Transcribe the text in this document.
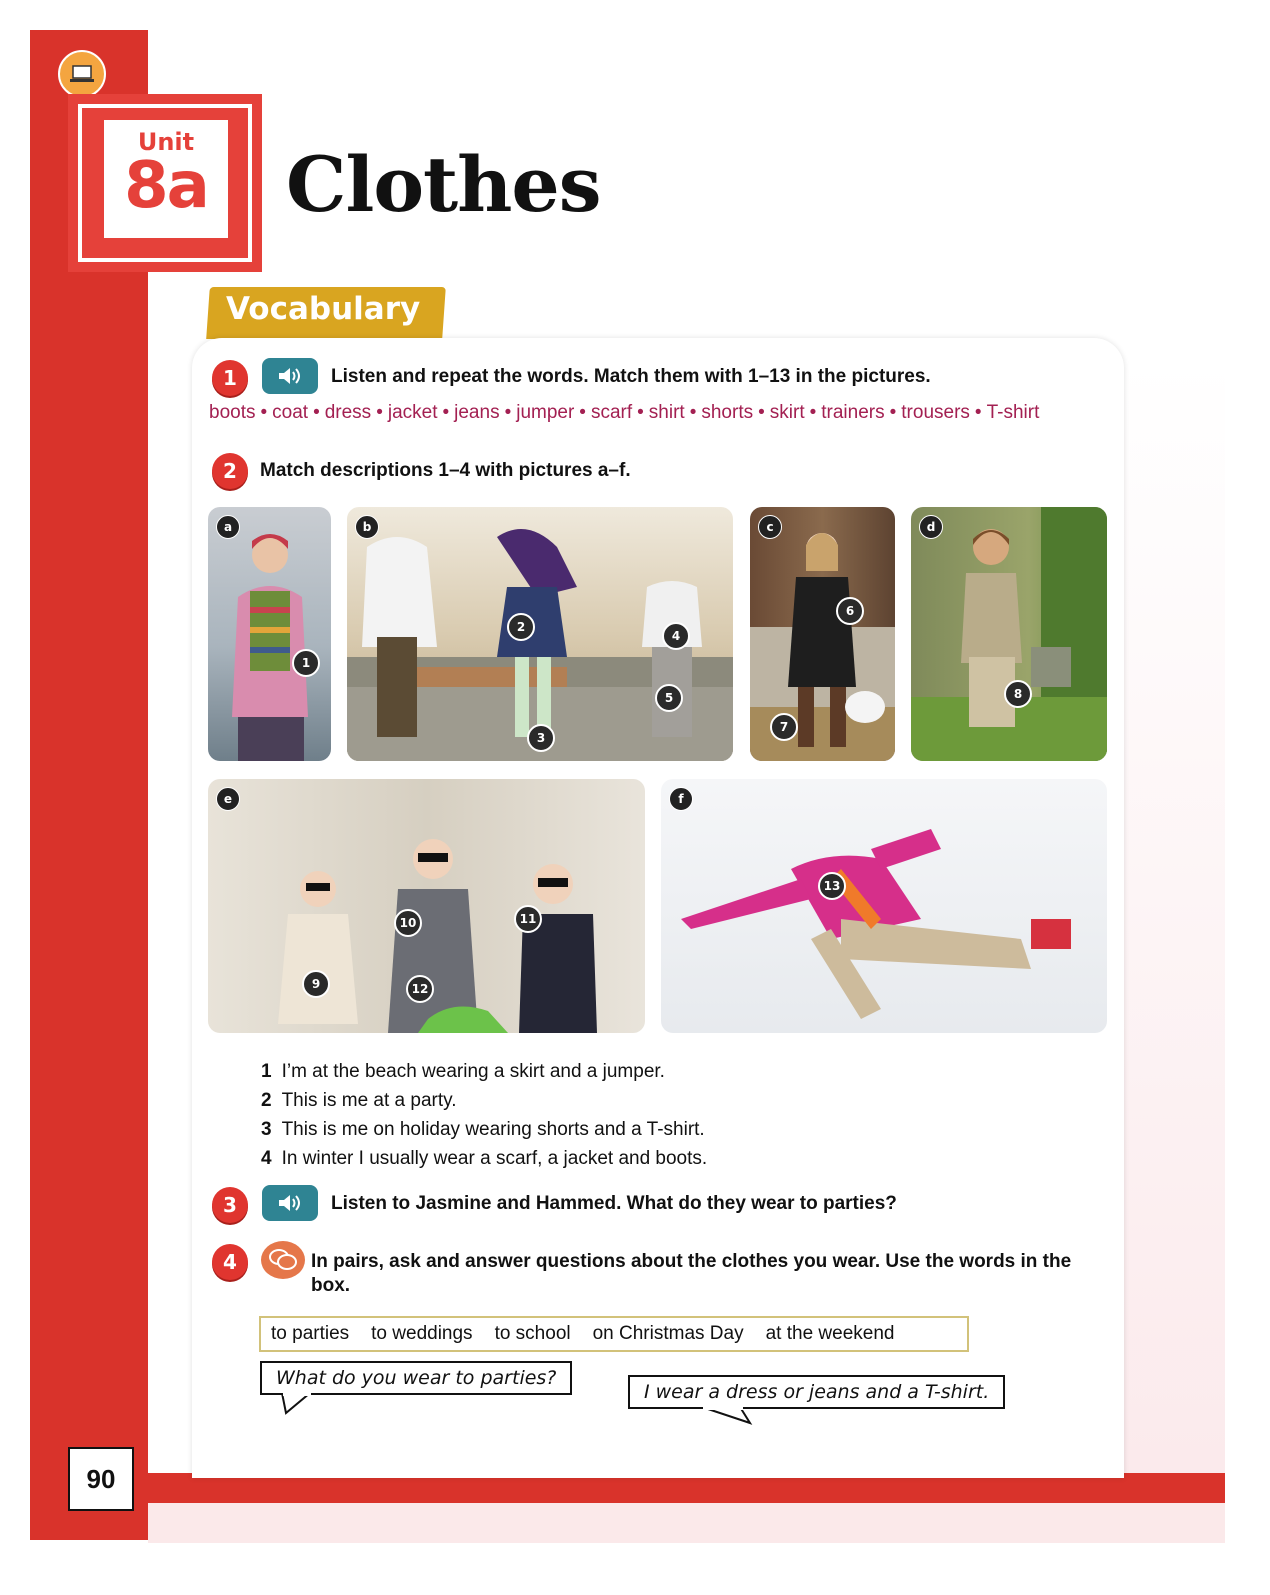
Unit
8a Clothes
Vocabulary
1	Listen and repeat the words. Match them with 1–13 in the pictures.
boots • coat • dress • jacket • jeans • jumper • scarf • shirt • shorts • skirt • trainers • trousers • T-shirt
2	Match descriptions 1–4 with pictures a–f.
a
1
b
2
3
4
5
c
6
7
d
8
e
9
10	11
12
f
13
1 I’m at the beach wearing a skirt and a jumper.
2 This is me at a party.
3 This is me on holiday wearing shorts and a T-shirt.
4 In winter I usually wear a scarf, a jacket and boots.
3	Listen to Jasmine and Hammed. What do they wear to parties?
4	In pairs, ask and answer questions about the clothes you wear. Use the words in the box.
to parties to weddings to school on Christmas Day at the weekend
What do you wear to parties?
I wear a dress or jeans and a T-shirt.
90
